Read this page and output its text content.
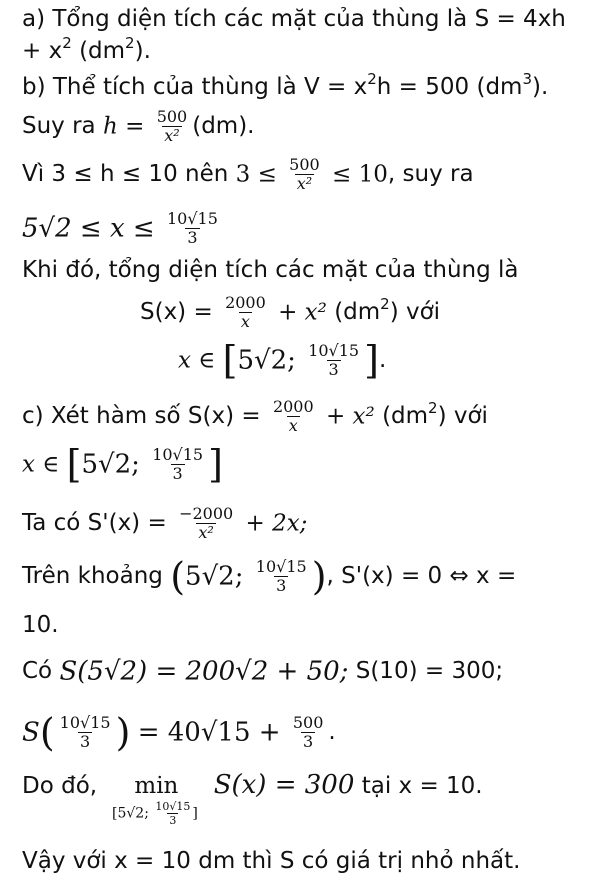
a) Tổng diện tích các mặt của thùng là S = 4xh
+ $x^2$ $(dm^2)$.
b) Thể tích của thùng là $V = x^2h = 500$ $(dm^3)$.
Suy ra $h = \frac{500}{\text{x²}} (dm)$.
Vì 3 ≤ h ≤ 10 nên $3 \le \frac{500}{\text{x²}} \le 10$, suy ra
$5√2 \le x \le \frac{10√15}{3}$
Khi đó, tổng diện tích các mặt của thùng là
$S(x) = \frac{2000}{x} + x^2$ $(dm^2)$ với
x ∈ [5√2; $\frac{10√15}{3}$ ].
c) Xét hàm số $S(x) = \frac{2000}{x} + x^2$ $(dm^2)$ với
x ∈ [5√2; $\frac{10√15}{3}$ ]
Ta có $S'(x) = \frac{-2000}{\text{x²}} + 2x$;
Trên khoảng (5√2; $\frac{10√15}{3}$ ), S'(x) = 0 ⇔ x =
10.
Có S(5√2) = 200√2 + 50; S(10) = 300;
$S( \frac{10√15}{3}$ ) = $40√15 + \frac{500}{3}$ .
Do đó, min S(x) = 300 tại x = 10.
[5√2; $\frac{10√15}{3}$ ]
Vậy với x = 10 dm thì S có giá trị nhỏ nhất.
